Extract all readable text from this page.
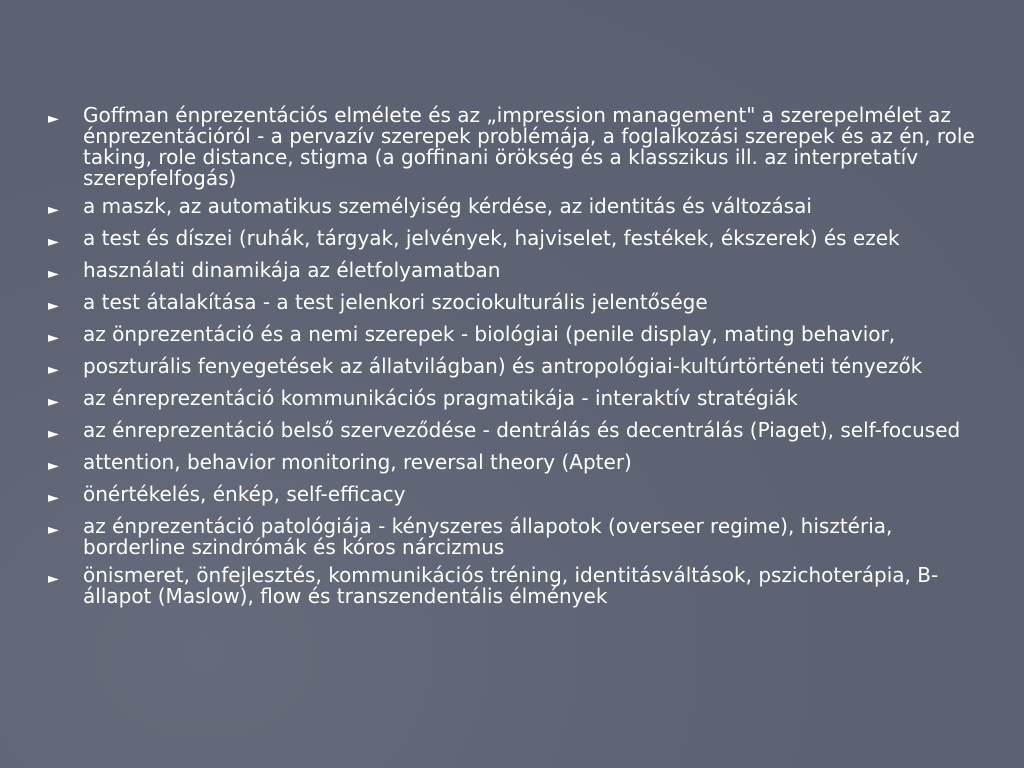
►	Goffman énprezentációs elmélete és az „impression management" a szerepelmélet az énprezentációról - a pervazív szerepek problémája, a foglalkozási szerepek és az én, role taking, role distance, stigma (a goffinani örökség és a klasszikus ill. az interpretatív szerepfelfogás)
►	a maszk, az automatikus személyiség kérdése, az identitás és változásai
►	a test és díszei (ruhák, tárgyak, jelvények, hajviselet, festékek, ékszerek) és ezek
►	használati dinamikája az életfolyamatban
►	a test átalakítása - a test jelenkori szociokulturális jelentősége
►	az önprezentáció és a nemi szerepek - biológiai (penile display, mating behavior,
►	poszturális fenyegetések az állatvilágban) és antropológiai-kultúrtörténeti tényezők
►	az énreprezentáció kommunikációs pragmatikája - interaktív stratégiák
►	az énreprezentáció belső szerveződése - dentrálás és decentrálás (Piaget), self-focused
►	attention, behavior monitoring, reversal theory (Apter)
►	önértékelés, énkép, self-efficacy
►	az énprezentáció patológiája - kényszeres állapotok (overseer regime), hisztéria, borderline szindrómák és kóros nárcizmus
►	önismeret, önfejlesztés, kommunikációs tréning, identitásváltások, pszichoterápia, B-állapot (Maslow), flow és transzendentális élmények
